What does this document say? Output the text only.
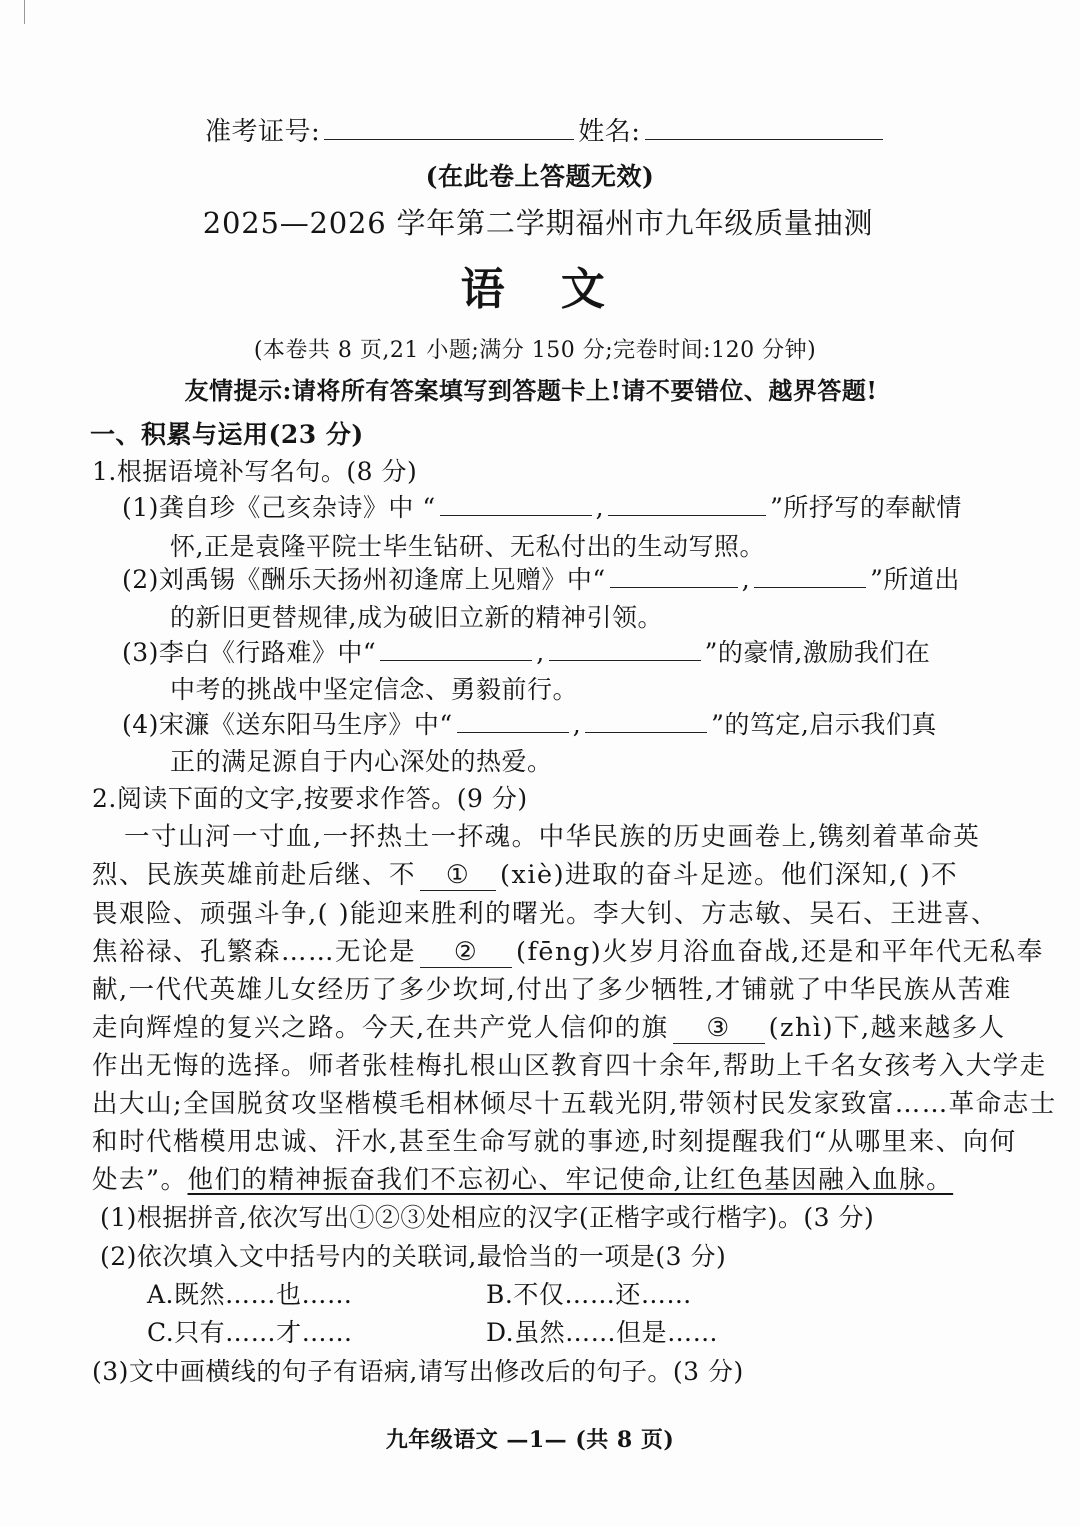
准考证号:	姓名:
(在此卷上答题无效)
2025—2026 学年第二学期福州市九年级质量抽测
语 文
(本卷共 8 页,21 小题;满分 150 分;完卷时间:120 分钟)
友情提示:请将所有答案填写到答题卡上!请不要错位、越界答题!
一、积累与运用(23 分)
1.根据语境补写名句。(8 分)
(1)龚自珍《己亥杂诗》中 “	,	”所抒写的奉献情
怀,正是袁隆平院士毕生钻研、无私付出的生动写照。
(2)刘禹锡《酬乐天扬州初逢席上见赠》中“	,	”所道出
的新旧更替规律,成为破旧立新的精神引领。
(3)李白《行路难》中“	,	”的豪情,激励我们在
中考的挑战中坚定信念、勇毅前行。
(4)宋濂《送东阳马生序》中“	,	”的笃定,启示我们真
正的满足源自于内心深处的热爱。
2.阅读下面的文字,按要求作答。(9 分)
一寸山河一寸血,一抔热土一抔魂。中华民族的历史画卷上,镌刻着革命英
烈、民族英雄前赴后继、不 ① (xiè)进取的奋斗足迹。他们深知,( )不
畏艰险、顽强斗争,( )能迎来胜利的曙光。李大钊、方志敏、吴石、王进喜、
焦裕禄、孔繁森……无论是 ② (fēng)火岁月浴血奋战,还是和平年代无私奉
献,一代代英雄儿女经历了多少坎坷,付出了多少牺牲,才铺就了中华民族从苦难
走向辉煌的复兴之路。今天,在共产党人信仰的旗 ③ (zhì)下,越来越多人
作出无悔的选择。师者张桂梅扎根山区教育四十余年,帮助上千名女孩考入大学走
出大山;全国脱贫攻坚楷模毛相林倾尽十五载光阴,带领村民发家致富……革命志士
和时代楷模用忠诚、汗水,甚至生命写就的事迹,时刻提醒我们“从哪里来、向何
处去”。他们的精神振奋我们不忘初心、牢记使命,让红色基因融入血脉。
(1)根据拼音,依次写出①②③处相应的汉字(正楷字或行楷字)。(3 分)
(2)依次填入文中括号内的关联词,最恰当的一项是(3 分)
A.既然……也……	B.不仅……还……
C.只有……才……	D.虽然……但是……
(3)文中画横线的句子有语病,请写出修改后的句子。(3 分)
九年级语文 —1— (共 8 页)
